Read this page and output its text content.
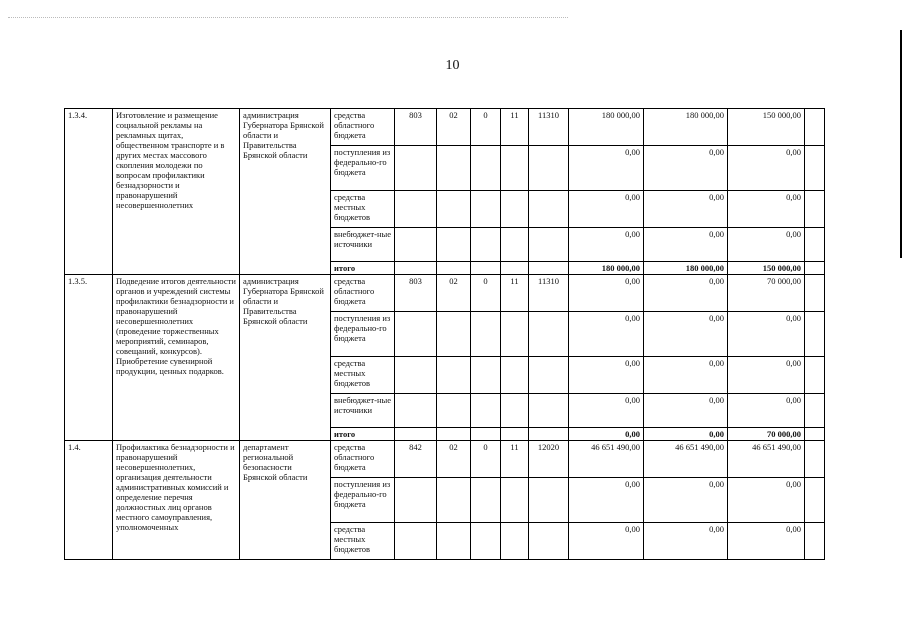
10
1.3.4.	Изготовление и размещение социальной рекламы на рекламных щитах, общественном транспорте и в других местах массового скопления молодежи по вопросам профилактики безнадзорности и правонарушений несовершеннолетних	администрация Губернатора Брянской области и Правительства Брянской области	средства областного бюджета	803	02	0	11	11310	180 000,00	180 000,00	150 000,00	
			поступления из федерально-го бюджета						0,00	0,00	0,00	
			средства местных бюджетов						0,00	0,00	0,00	
			внебюджет-ные источники						0,00	0,00	0,00	
			итого						180 000,00	180 000,00	150 000,00	
1.3.5.	Подведение итогов деятельности органов и учреждений системы профилактики безнадзорности и правонарушений несовершеннолетних (проведение торжественных мероприятий, семинаров, совещаний, конкурсов). Приобретение сувенирной продукции, ценных подарков.	администрация Губернатора Брянской области и Правительства Брянской области	средства областного бюджета	803	02	0	11	11310	0,00	0,00	70 000,00	
			поступления из федерально-го бюджета						0,00	0,00	0,00	
			средства местных бюджетов						0,00	0,00	0,00	
			внебюджет-ные источники						0,00	0,00	0,00	
			итого						0,00	0,00	70 000,00	
1.4.	Профилактика безнадзорности и правонарушений несовершеннолетних, организация деятельности административных комиссий и определение перечня должностных лиц органов местного самоуправления, уполномоченных	департамент региональной безопасности Брянской области	средства областного бюджета	842	02	0	11	12020	46 651 490,00	46 651 490,00	46 651 490,00	
			поступления из федерально-го бюджета						0,00	0,00	0,00	
			средства местных бюджетов						0,00	0,00	0,00	
